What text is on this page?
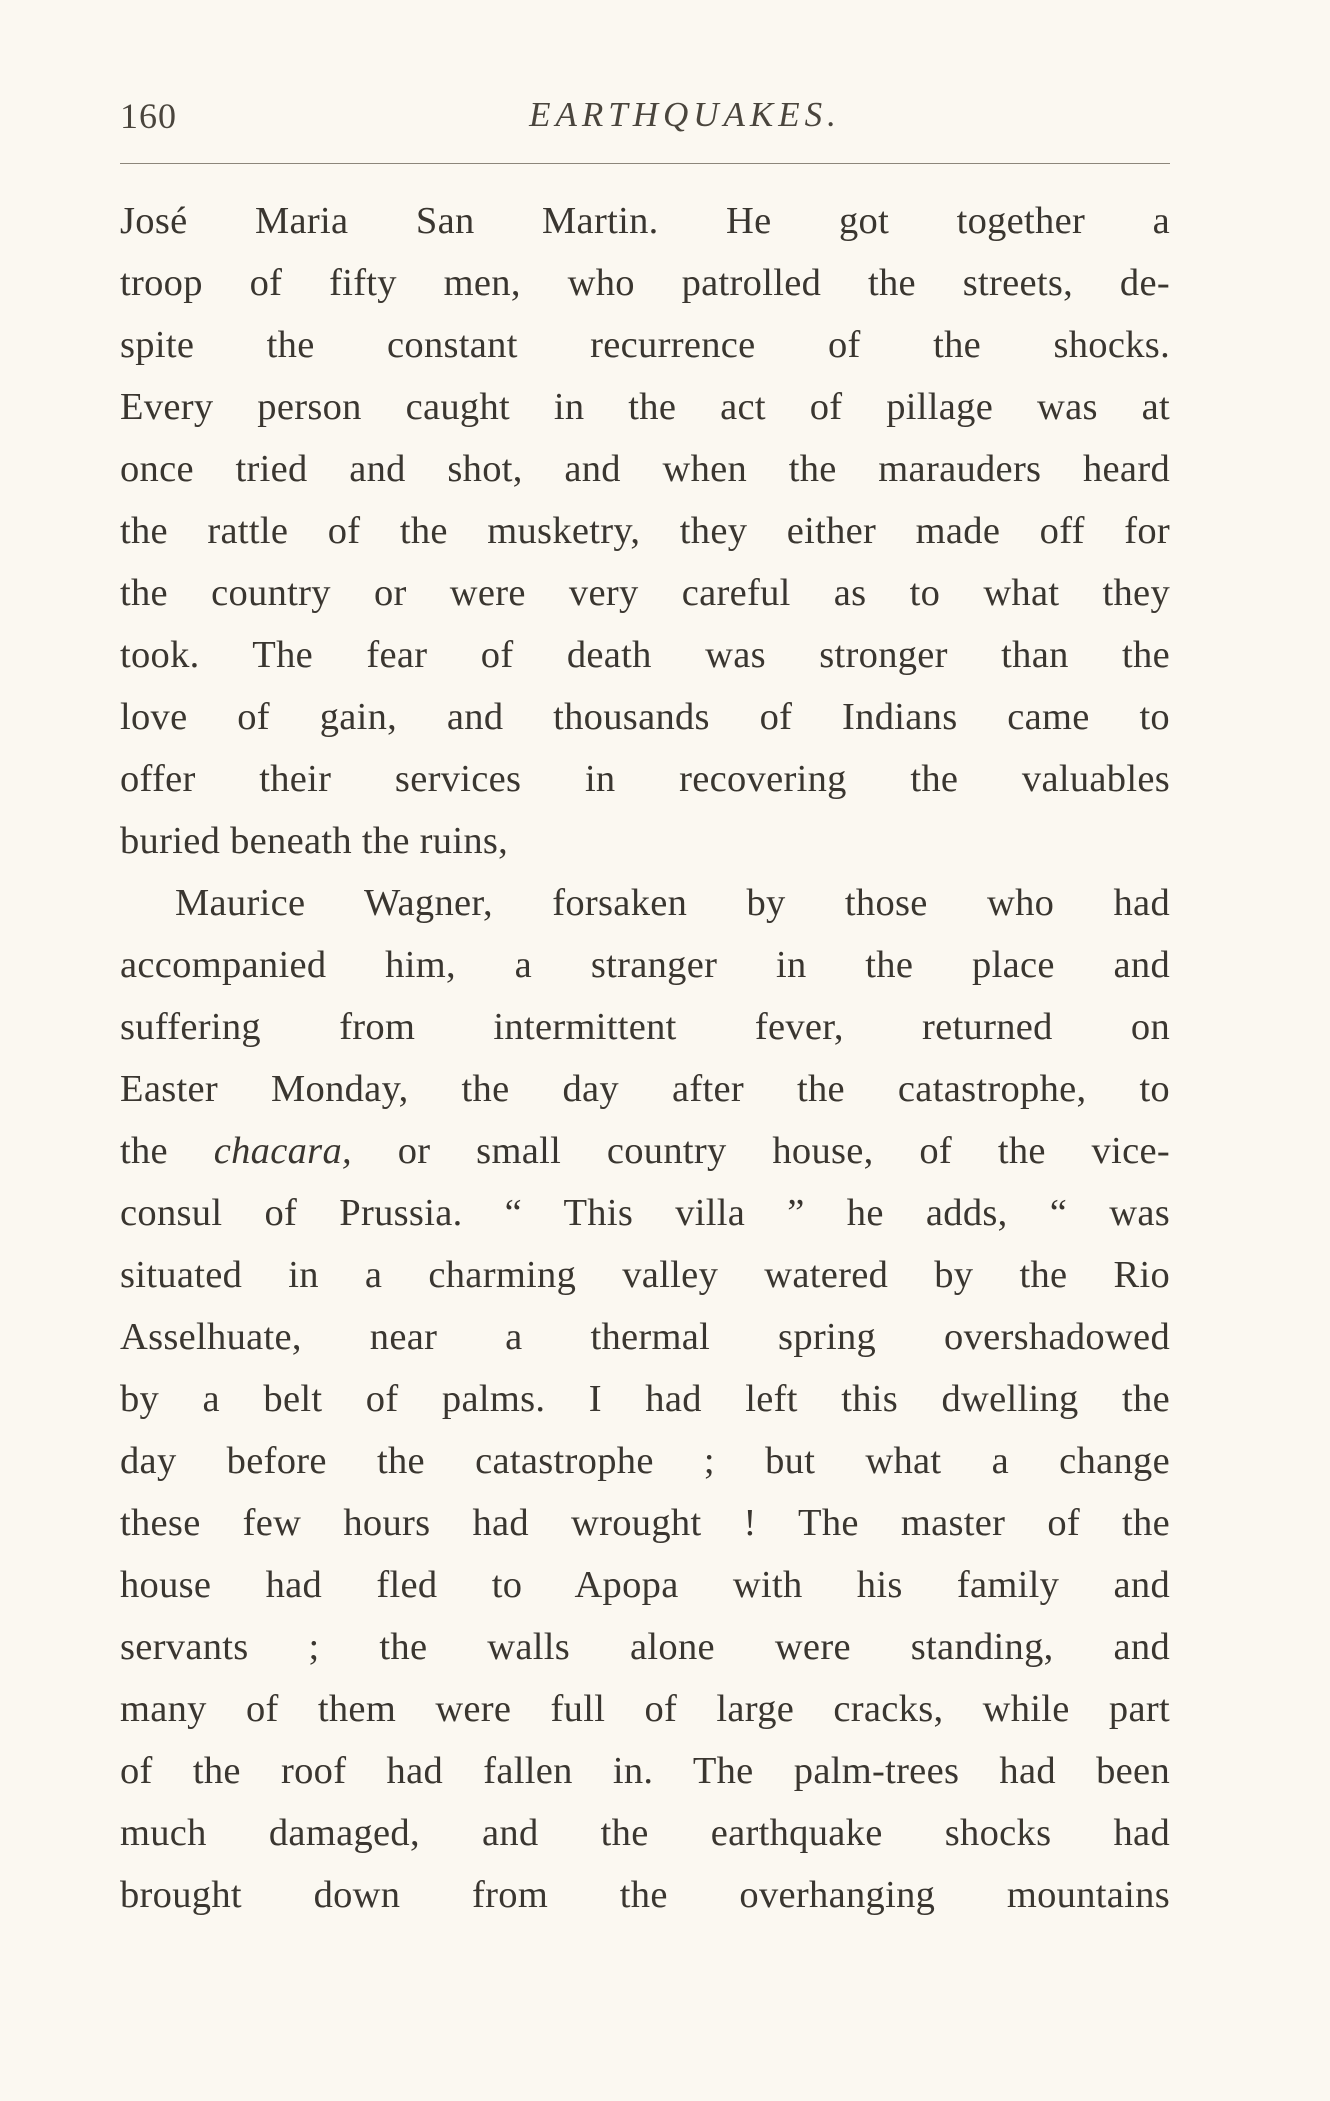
160	EARTHQUAKES.
José Maria San Martin. He got together a
troop of fifty men, who patrolled the streets, de-
spite the constant recurrence of the shocks.
Every person caught in the act of pillage was at
once tried and shot, and when the marauders heard
the rattle of the musketry, they either made off for
the country or were very careful as to what they
took. The fear of death was stronger than the
love of gain, and thousands of Indians came to
offer their services in recovering the valuables
buried beneath the ruins,
Maurice Wagner, forsaken by those who had
accompanied him, a stranger in the place and
suffering from intermittent fever, returned on
Easter Monday, the day after the catastrophe, to
the chacara, or small country house, of the vice-
consul of Prussia. “ This villa ” he adds, “ was
situated in a charming valley watered by the Rio
Asselhuate, near a thermal spring overshadowed
by a belt of palms. I had left this dwelling the
day before the catastrophe ; but what a change
these few hours had wrought ! The master of the
house had fled to Apopa with his family and
servants ; the walls alone were standing, and
many of them were full of large cracks, while part
of the roof had fallen in. The palm-trees had been
much damaged, and the earthquake shocks had
brought down from the overhanging mountains
